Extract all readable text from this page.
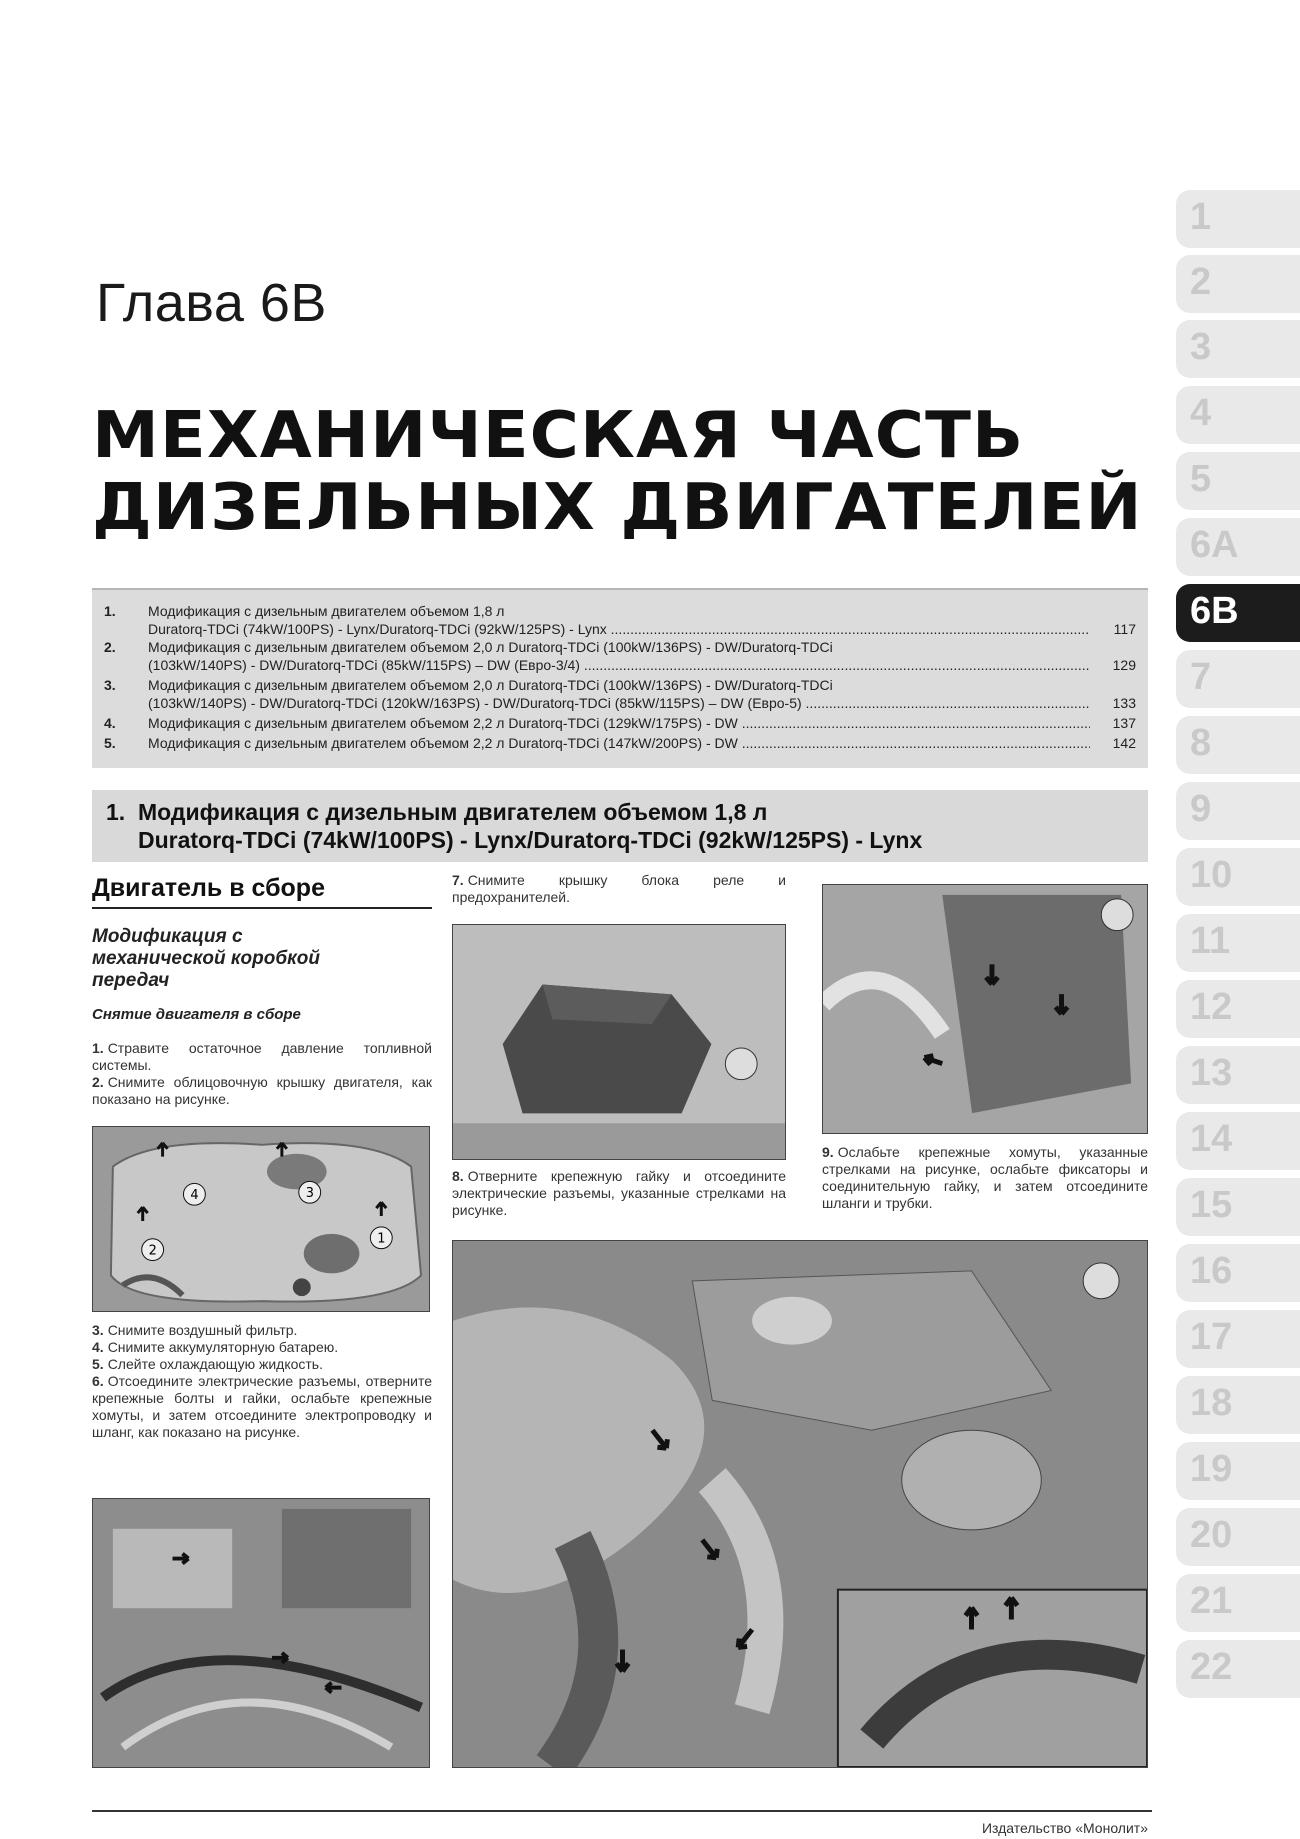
Глава 6В
МЕХАНИЧЕСКАЯ ЧАСТЬ
ДИЗЕЛЬНЫХ ДВИГАТЕЛЕЙ
1.	Модификация с дизельным двигателем объемом 1,8 л
Duratorq-TDCi (74kW/100PS) - Lynx/Duratorq-TDCi (92kW/125PS) - Lynx .....	117
2.	Модификация с дизельным двигателем объемом 2,0 л Duratorq-TDCi (100kW/136PS) - DW/Duratorq-TDCi
(103kW/140PS) - DW/Duratorq-TDCi (85kW/115PS) – DW (Евро-3/4) .....	129
3.	Модификация с дизельным двигателем объемом 2,0 л Duratorq-TDCi (100kW/136PS) - DW/Duratorq-TDCi
(103kW/140PS) - DW/Duratorq-TDCi (120kW/163PS) - DW/Duratorq-TDCi (85kW/115PS) – DW (Евро-5) .....	133
4.	Модификация с дизельным двигателем объемом 2,2 л Duratorq-TDCi (129kW/175PS) - DW .....	137
5.	Модификация с дизельным двигателем объемом 2,2 л Duratorq-TDCi (147kW/200PS) - DW .....	142
1
2
3
4
5
6А
6В
7
8
9
10
11
12
13
14
15
16
17
18
19
20
21
22
1. Модификация с дизельным двигателем объемом 1,8 л
Duratorq-TDCi (74kW/100PS) - Lynx/Duratorq-TDCi (92kW/125PS) - Lynx
Двигатель в сборе
Модификация с механической коробкой передач
Снятие двигателя в сборе
1. Стравите остаточное давление топливной системы.
2. Снимите облицовочную крышку двигателя, как показано на рисунке.
1
2
3
4
3. Снимите воздушный фильтр.
4. Снимите аккумуляторную батарею.
5. Слейте охлаждающую жидкость.
6. Отсоедините электрические разъемы, отверните крепежные болты и гайки, ослабьте крепежные хомуты, и затем отсоедините электропроводку и шланг, как показано на рисунке.
7. Снимите крышку блока реле и предохранителей.
8. Отверните крепежную гайку и отсоедините электрические разъемы, указанные стрелками на рисунке.
9. Ослабьте крепежные хомуты, указанные стрелками на рисунке, ослабьте фиксаторы и соединительную гайку, и затем отсоедините шланги и трубки.
Издательство «Монолит»
